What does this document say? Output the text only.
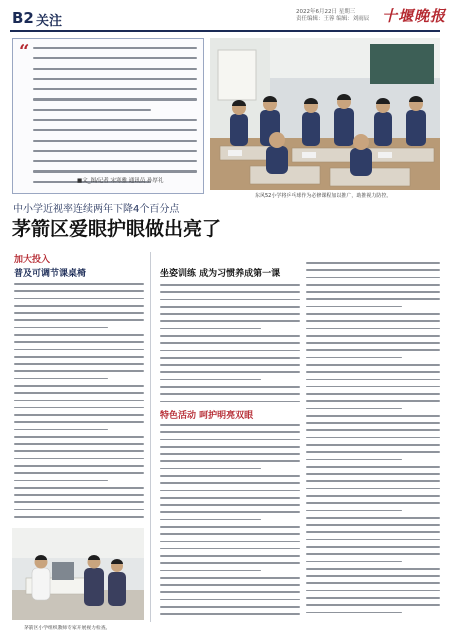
B2 关注
2022年6月22日 星期三
责任编辑：王蓉 编辑：刘雨辰 十堰晚报
“
■文_图/记者 宋寒雅 通讯员 孙厚礼
东风52小学将乒乓球作为必修课程加以推广，助推视力防控。
中小学近视率连续两年下降4个百分点
茅箭区爱眼护眼做出亮了
加大投入
普及可调节课桌椅
茅箭区小学组织教师专家开展视力检查。
坐姿训练 成为习惯养成第一课
特色活动 呵护明亮双眼
